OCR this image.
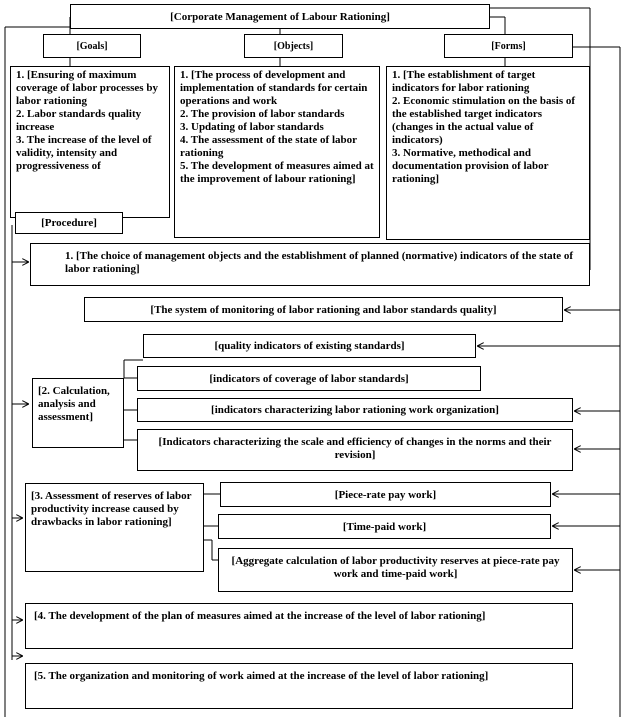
[Corporate Management of Labour Rationing]
[Goals]	[Objects]	[Forms]
1. [Ensuring of maximum coverage of labor processes by labor rationing
2. Labor standards quality increase
3. The increase of the level of validity, intensity and progressiveness of
1. [The process of development and implementation of standards for certain operations and work
2. The provision of labor standards
3. Updating of labor standards
4. The assessment of the state of labor rationing
5. The development of measures aimed at the improvement of labour rationing]
1. [The establishment of target indicators for labor rationing
2. Economic stimulation on the basis of the established target indicators (changes in the actual value of indicators)
3. Normative, methodical and documentation provision of labor rationing]
[Procedure]
1. [The choice of management objects and the establishment of planned (normative) indicators of the state of labor rationing]
[The system of monitoring of labor rationing and labor standards quality]
[2. Calculation, analysis and assessment]
[quality indicators of existing standards]
[indicators of coverage of labor standards]
[indicators characterizing labor rationing work organization]
[Indicators characterizing the scale and efficiency of changes in the norms and their revision]
[3. Assessment of reserves of labor productivity increase caused by drawbacks in labor rationing]
[Piece-rate pay work]
[Time-paid work]
[Aggregate calculation of labor productivity reserves at piece-rate pay work and time-paid work]
[4. The development of the plan of measures aimed at the increase of the level of labor rationing]
[5. The organization and monitoring of work aimed at the increase of the level of labor rationing]
